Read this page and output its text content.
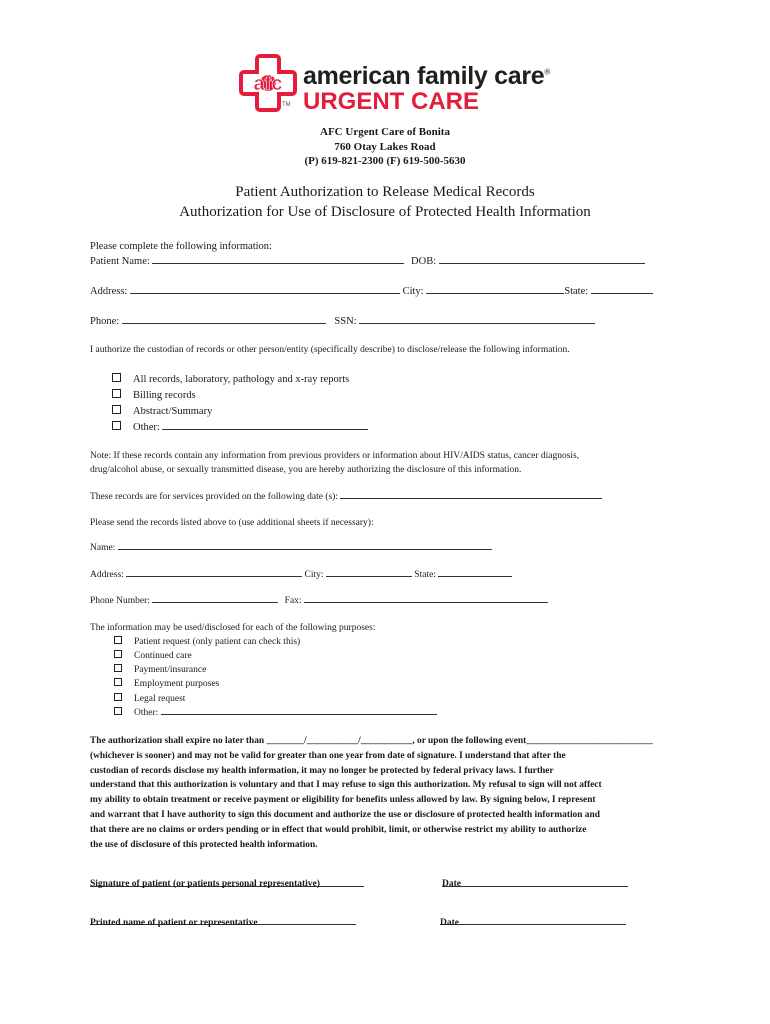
afc american family care®
URGENT CARE
TM
AFC Urgent Care of Bonita
760 Otay Lakes Road
(P) 619-821-2300 (F) 619-500-5630
Patient Authorization to Release Medical Records
Authorization for Use of Disclosure of Protected Health Information
Please complete the following information:
Patient Name:	DOB:
Address:	City:	State:
Phone:	SSN:
I authorize the custodian of records or other person/entity (specifically describe) to disclose/release the following information.
All records, laboratory, pathology and x-ray reports
Billing records
Abstract/Summary
Other:
Note: If these records contain any information from previous providers or information about HIV/AIDS status, cancer diagnosis,
drug/alcohol abuse, or sexually transmitted disease, you are hereby authorizing the disclosure of this information.
These records are for services provided on the following date (s):
Please send the records listed above to (use additional sheets if necessary):
Name:
Address:	City:	State:
Phone Number:	Fax:
The information may be used/disclosed for each of the following purposes:
Patient request (only patient can check this)
Continued care
Payment/insurance
Employment purposes
Legal request
Other:
The authorization shall expire no later than ________/___________/___________, or upon the following event___________________________
(whichever is sooner) and may not be valid for greater than one year from date of signature. I understand that after the
custodian of records disclose my health information, it may no longer be protected by federal privacy laws. I further
understand that this authorization is voluntary and that I may refuse to sign this authorization. My refusal to sign will not affect
my ability to obtain treatment or receive payment or eligibility for benefits unless allowed by law. By signing below, I represent
and warrant that I have authority to sign this document and authorize the use or disclosure of protected health information and
that there are no claims or orders pending or in effect that would prohibit, limit, or otherwise restrict my ability to authorize
the use of disclosure of this protected health information.
Signature of patient (or patients personal representative)	Date
Printed name of patient or representative	Date
